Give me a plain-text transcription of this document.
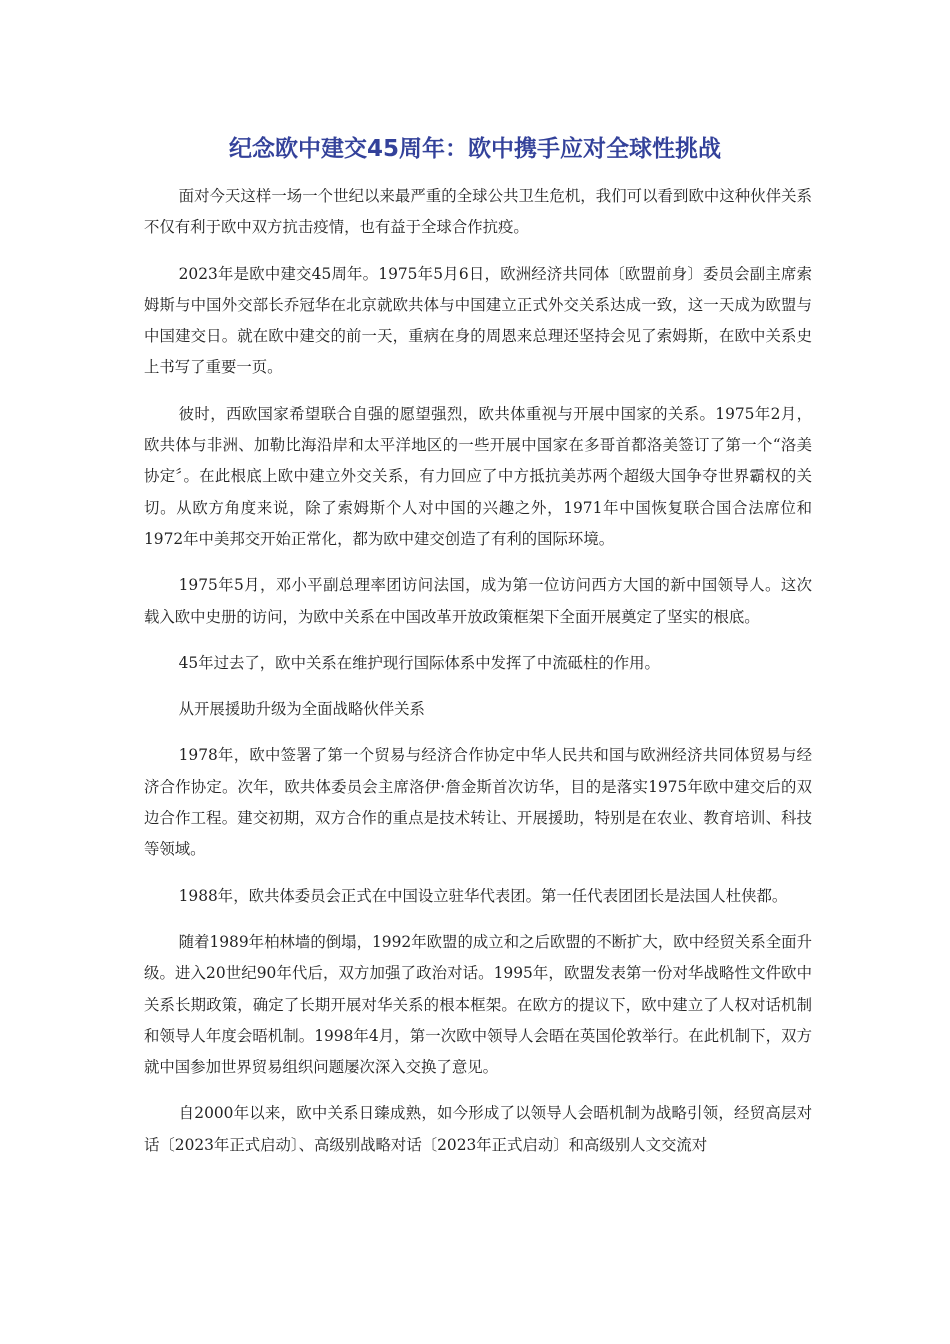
纪念欧中建交45周年：欧中携手应对全球性挑战

面对今天这样一场一个世纪以来最严重的全球公共卫生危机，我们可以看到欧中这种伙伴关系不仅有利于欧中双方抗击疫情，也有益于全球合作抗疫。

2023年是欧中建交45周年。1975年5月6日，欧洲经济共同体〔欧盟前身〕委员会副主席索姆斯与中国外交部长乔冠华在北京就欧共体与中国建立正式外交关系达成一致，这一天成为欧盟与中国建交日。就在欧中建交的前一天，重病在身的周恩来总理还坚持会见了索姆斯，在欧中关系史上书写了重要一页。

彼时，西欧国家希望联合自强的愿望强烈，欧共体重视与开展中国家的关系。1975年2月，欧共体与非洲、加勒比海沿岸和太平洋地区的一些开展中国家在多哥首都洛美签订了第一个“洛美协定〞。在此根底上欧中建立外交关系，有力回应了中方抵抗美苏两个超级大国争夺世界霸权的关切。从欧方角度来说，除了索姆斯个人对中国的兴趣之外，1971年中国恢复联合国合法席位和1972年中美邦交开始正常化，都为欧中建交创造了有利的国际环境。

1975年5月，邓小平副总理率团访问法国，成为第一位访问西方大国的新中国领导人。这次载入欧中史册的访问，为欧中关系在中国改革开放政策框架下全面开展奠定了坚实的根底。

45年过去了，欧中关系在维护现行国际体系中发挥了中流砥柱的作用。

从开展援助升级为全面战略伙伴关系

1978年，欧中签署了第一个贸易与经济合作协定中华人民共和国与欧洲经济共同体贸易与经济合作协定。次年，欧共体委员会主席洛伊·詹金斯首次访华，目的是落实1975年欧中建交后的双边合作工程。建交初期，双方合作的重点是技术转让、开展援助，特别是在农业、教育培训、科技等领域。

1988年，欧共体委员会正式在中国设立驻华代表团。第一任代表团团长是法国人杜侠都。

随着1989年柏林墙的倒塌，1992年欧盟的成立和之后欧盟的不断扩大，欧中经贸关系全面升级。进入20世纪90年代后，双方加强了政治对话。1995年，欧盟发表第一份对华战略性文件欧中关系长期政策，确定了长期开展对华关系的根本框架。在欧方的提议下，欧中建立了人权对话机制和领导人年度会晤机制。1998年4月，第一次欧中领导人会晤在英国伦敦举行。在此机制下，双方就中国参加世界贸易组织问题屡次深入交换了意见。

自2000年以来，欧中关系日臻成熟，如今形成了以领导人会晤机制为战略引领，经贸高层对话〔2023年正式启动〕、高级别战略对话〔2023年正式启动〕和高级别人文交流对
